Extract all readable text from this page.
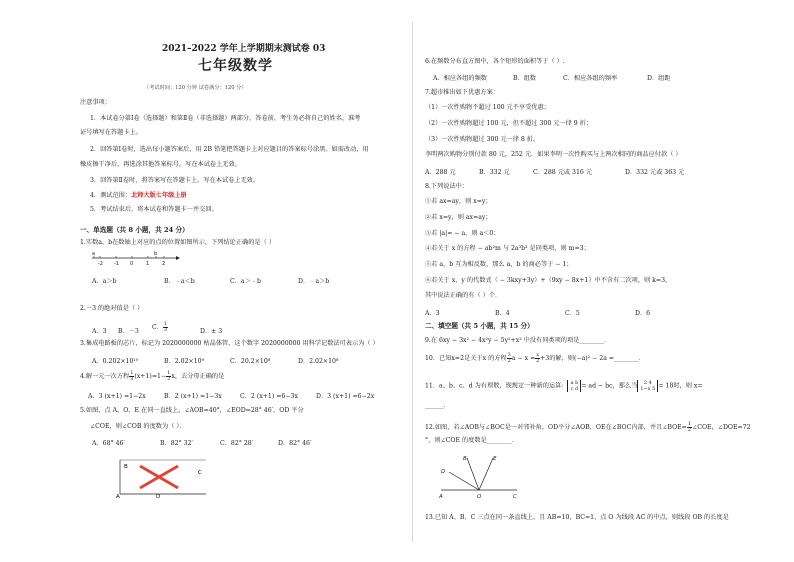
2021–2022 学年上学期期末测试卷 03
七年级数学
（考试时间：120 分钟 试卷满分：120 分）
注意事项：
1．本试卷分第Ⅰ卷（选择题）和第Ⅱ卷（非选择题）两部分。答卷前，考生务必将自己的姓名、准考
证号填写在答题卡上。
2．回答第Ⅰ卷时，选出每小题答案后，用 2B 铅笔把答题卡上对应题目的答案标号涂黑。如需改动，用
橡皮擦干净后，再选涂其他答案标号。写在本试卷上无效。
3．回答第Ⅱ卷时，将答案写在答题卡上。写在本试卷上无效。
4．测试范围：北师大版七年级上册
5．考试结束后，将本试卷和答题卡一并交回。
一、单选题（共 8 小题，共 24 分）
1.实数a，b在数轴上对应的点的位置如图所示，下列结论正确的是（ ）
a
-2 -1 0	1
b
2
A．a＞b	B．﹣a＜b	C．a＞﹣b	D．﹣a＞b
2.－3 的绝对值是（ ）
A．3 B．－3
C． $\frac{1}{3}$	D．± 3
3.集成电路板的芯片，标记为 2020000000 枯晶体管，这个数字 2020000000 用科学记数法可表示为（ ）
A．0.202×10¹⁰	B．2.02×10⁹	C．20.2×10⁸	D．2.02×10⁸
4.解一元一次方程 $\frac{1}{3} (x+1)=1- \frac{1}{2}$ x，去分母正确的是
A．3 (x+1) =1−2x	B．2 (x+1) =1−3x	C．2 (x+1) =6−3x	D．3 (x+1) =6−2x
5.如图，点 A、O、E 在同一直线上，∠AOB=40°，∠EOD=28° 46′，OD 平分
∠COE，则∠COB 的度数为（ ）．
A．68° 46′	B．82° 32′	C．82° 28′	D．82° 46′
B
C
A	D
6.在频数分布直方图中，各个矩形的面积等于（ ）.
A．相应各组的频数	B．组数	C．相应各组的频率	D．组距
7.超市推出如下优惠方案：
（1）一次性购物不超过 100 元不享受优惠；
（2）一次性购物超过 100 元，但不超过 300 元一律 9 折；
（3）一次性购物超过 300 元一律 8 折。
李明两次购物分别付款 80 元，252 元．如果李明一次性购买与上两次相同的商品应付款（ ）
A．288 元	B．332 元	C．288 元或 316 元	D．332 元或 363 元
8.下列说法中：
①若 ax=ay，则 x=y；
②若 x=y，则 ax=ay；
③若 |a|= − a，则 a＜0；
④若关于 x 的方程 − ab²m 与 2a³b³ 是同类项，则 m=3；
⑤若 a，b 互为相反数，那么 a，b 的商必等于 − 1；
⑥若关于 x，y 的代数式（ − 3kxy+3y）+（9xy − 8x+1）中不含有二次项，则 k=3，
其中说法正确的有（ ）个．
A．3	B．4	C．5	D．6
二、填空题（共 5 小题，共 15 分）
9.在 6xy − 3x² − 4x²y − 5y²+x² 中没有同类项的项是________．
10．已知x=2是关于x 的方程 $\frac{3}{2}$ $a - x = \frac{x}{2} +3$的解，则(−a)² − 2a =________．
11．a、b、c、d 为有理数，现规定一种新的运算： a b
c d = ad − bc，那么当 2 4
1−x 5 = 18时，则 x=
______．
12.如图，若∠AOB与∠BOC是一对邻补角，OD平分∠AOB，OE在∠BOC内部，并且∠BOE= $\frac{1}{2}$ ∠COE，∠DOE=72
°，则∠COE 的度数是________．
B	E
D
A	O	C
13.已知 A、B、C 三点在同一条直线上，且 AB=10，BC=1，点 O 为线段 AC 的中点，则线段 OB 的长度是
